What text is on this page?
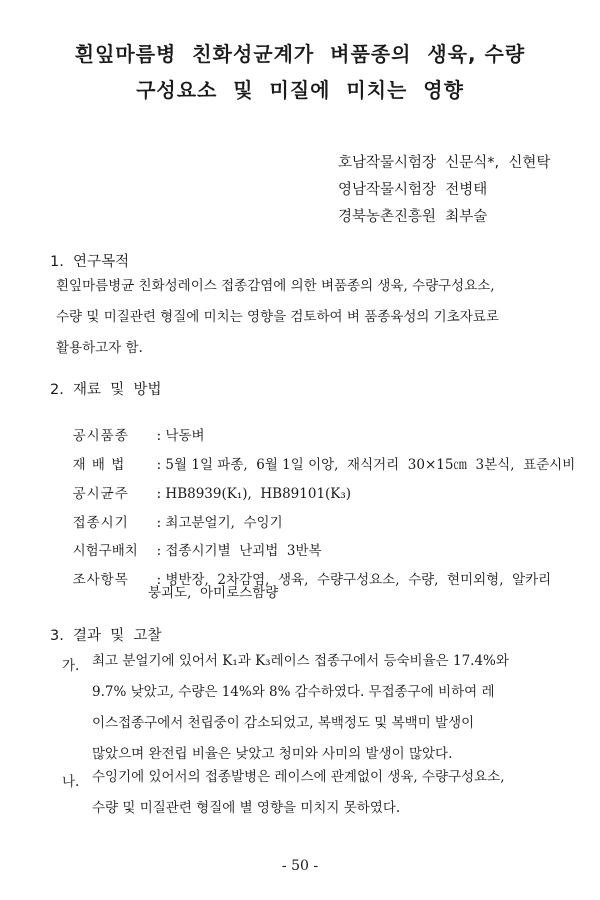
흰잎마름병  친화성균계가  벼품종의  생육, 수량
구성요소  및  미질에  미치는  영향
호남작물시험장  신문식*,  신현탁
영남작물시험장  전병태
경북농촌진흥원  최부술
1.  연구목적
흰잎마름병균 친화성레이스 접종감염에 의한 벼품종의 생육, 수량구성요소,
수량 및 미질관련 형질에 미치는 영향을 검토하여 벼 품종육성의 기초자료로
활용하고자 함.
2.  재료  및  방법

공시품종 : 낙동벼

재 배 법 : 5월 1일 파종,  6월 1일 이앙,  재식거리  30×15㎝  3본식,  표준시비

공시균주 : HB8939(K₁),  HB89101(K₃)

접종시기 : 최고분얼기,  수잉기

시험구배치 : 접종시기별  난괴법  3반복

조사항목 : 병반장,  2차감염,  생육,  수량구성요소,  수량,  현미외형,  알카리

붕괴도,  아미로스함량
3.  결과  및  고찰
가. 최고 분얼기에 있어서 K₁과 K₃레이스 접종구에서 등숙비율은 17.4%와
9.7% 낮았고, 수량은 14%와 8% 감수하였다. 무접종구에 비하여 레
이스접종구에서 천립중이 감소되었고, 복백정도 및 복백미 발생이
많았으며 완전립 비율은 낮았고 청미와 사미의 발생이 많았다.
나. 수잉기에 있어서의 접종발병은 레이스에 관계없이 생육, 수량구성요소,
수량 및 미질관련 형질에 별 영향을 미치지 못하였다.
- 50 -
